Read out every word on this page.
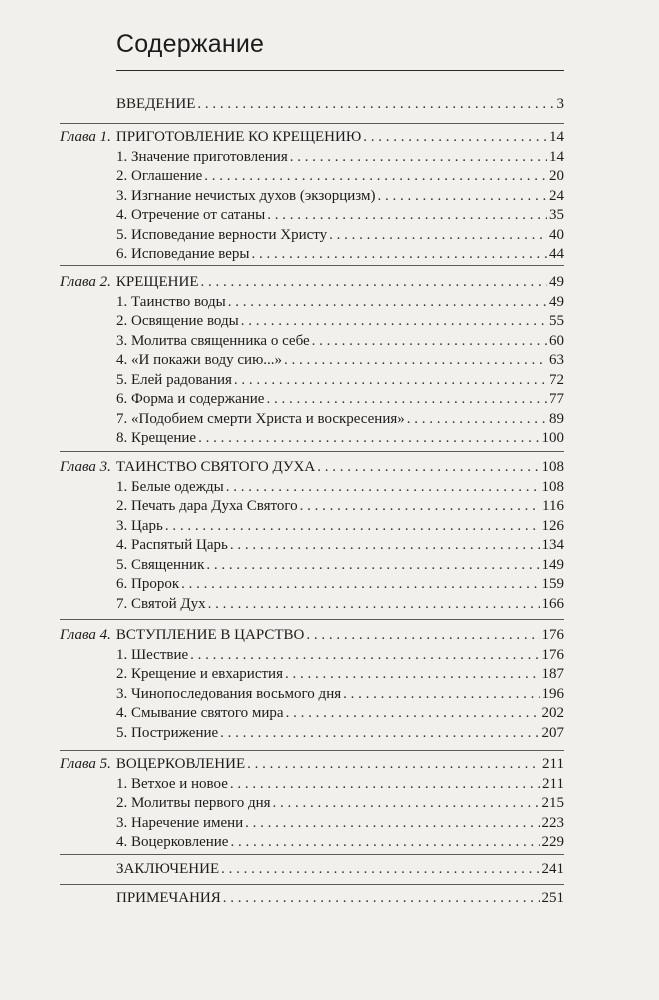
Содержание
ВВЕДЕНИЕ . . .	3
Глава 1. ПРИГОТОВЛЕНИЕ КО КРЕЩЕНИЮ . . .	14
1. Значение приготовления . . .	14
2. Оглашение . . .	20
3. Изгнание нечистых духов (экзорцизм) . . .	24
4. Отречение от сатаны . . .	35
5. Исповедание верности Христу . . .	40
6. Исповедание веры . . .	44
Глава 2. КРЕЩЕНИЕ . . .	49
1. Таинство воды . . .	49
2. Освящение воды . . .	55
3. Молитва священника о себе . . .	60
4. «И покажи воду сию...» . . .	63
5. Елей радования . . .	72
6. Форма и содержание . . .	77
7. «Подобием смерти Христа и воскресения» . . .	89
8. Крещение . . .	100
Глава 3. ТАИНСТВО СВЯТОГО ДУХА . . .	108
1. Белые одежды . . .	108
2. Печать дара Духа Святого . . .	116
3. Царь . . .	126
4. Распятый Царь . . .	134
5. Священник . . .	149
6. Пророк . . .	159
7. Святой Дух . . .	166
Глава 4. ВСТУПЛЕНИЕ В ЦАРСТВО . . .	176
1. Шествие . . .	176
2. Крещение и евхаристия . . .	187
3. Чинопоследования восьмого дня . . .	196
4. Смывание святого мира . . .	202
5. Пострижение . . .	207
Глава 5. ВОЦЕРКОВЛЕНИЕ . . .	211
1. Ветхое и новое . . .	211
2. Молитвы первого дня . . .	215
3. Наречение имени . . .	223
4. Воцерковление . . .	229
ЗАКЛЮЧЕНИЕ . . .	241
ПРИМЕЧАНИЯ . . .	251
